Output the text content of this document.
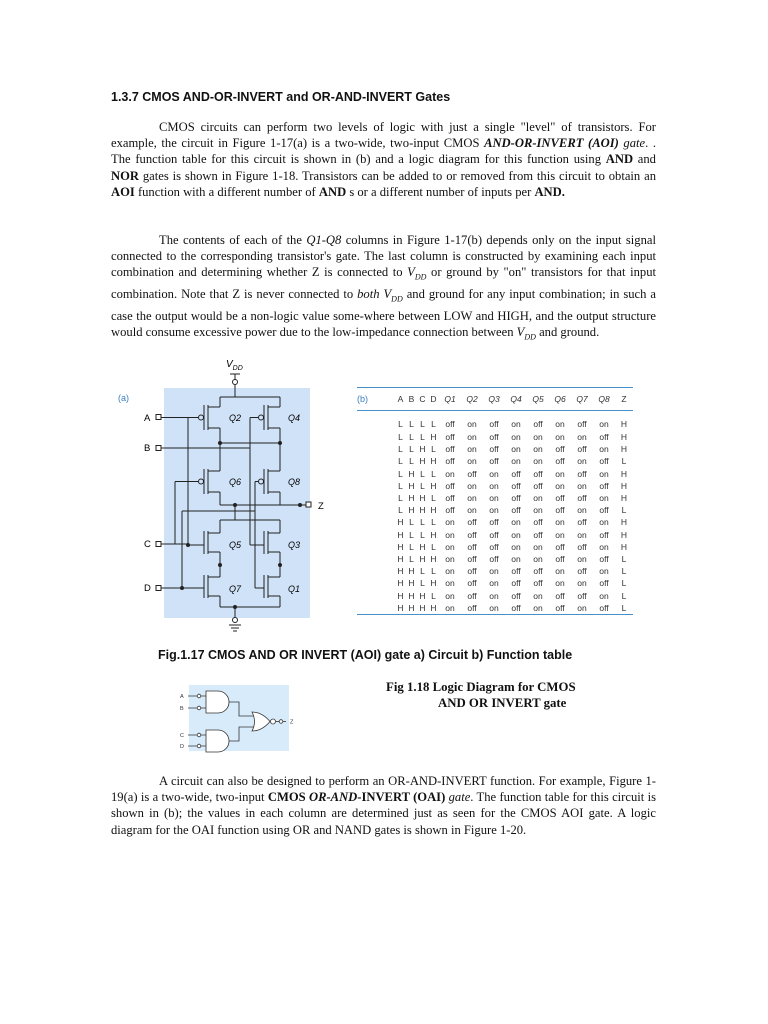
1.3.7 CMOS AND-OR-INVERT and OR-AND-INVERT Gates

CMOS circuits can perform two levels of logic with just a single "level" of transistors. For example, the circuit in Figure 1-17(a) is a two-wide, two-input CMOS AND-OR-INVERT (AOI) gate. . The function table for this circuit is shown in (b) and a logic diagram for this function using AND and NOR gates is shown in Figure 1-18. Transistors can be added to or removed from this circuit to obtain an AOI function with a different number of AND s or a different number of inputs per AND.

The contents of each of the Q1-Q8 columns in Figure 1-17(b) depends only on the input signal connected to the corresponding transistor's gate. The last column is constructed by examining each input combination and determining whether Z is connected to $V_{DD}$ or ground by "on" transistors for that input combination. Note that Z is never connected to both $V_{DD}$ and ground for any input combination; in such a case the output would be a non-logic value some-where between LOW and HIGH, and the output structure would consume excessive power due to the low-impedance connection between $V_{DD}$ and ground.

(a)
$V_{DD}$
A
B
C
D
Z
Q2	Q4
Q6	Q8
Q5	Q3
Q7	Q1
(b)	A	B	C	D	Q1	Q2	Q3	Q4	Q5	Q6	Q7	Q8	Z
	L	L	L	L	off	on	off	on	off	on	off	on	H
	L	L	L	H	off	on	off	on	on	on	on	off	H
	L	L	H	L	off	on	off	on	on	off	off	on	H
	L	L	H	H	off	on	off	on	on	off	on	off	L
	L	H	L	L	on	off	on	off	off	on	off	on	H
	L	H	L	H	off	on	on	off	off	on	on	off	H
	L	H	H	L	off	on	on	off	on	off	off	on	H
	L	H	H	H	off	on	on	off	on	off	on	off	L
	H	L	L	L	on	off	off	on	off	on	off	on	H
	H	L	L	H	on	off	off	on	off	on	on	off	H
	H	L	H	L	on	off	off	on	on	off	off	on	H
	H	L	H	H	on	off	off	on	on	off	on	off	L
	H	H	L	L	on	off	on	off	off	on	off	on	L
	H	H	L	H	on	off	on	off	off	on	on	off	L
	H	H	H	L	on	off	on	off	on	off	off	on	L
	H	H	H	H	on	off	on	off	on	off	on	off	L
Fig.1.17 CMOS AND OR INVERT (AOI) gate a) Circuit b) Function table
A
B
C
D
Z
Fig 1.18 Logic Diagram for CMOS
AND OR INVERT gate

A circuit can also be designed to perform an OR-AND-INVERT function. For example, Figure 1-19(a) is a two-wide, two-input CMOS OR-AND-INVERT (OAI) gate. The function table for this circuit is shown in (b); the values in each column are determined just as seen for the CMOS AOI gate. A logic diagram for the OAI function using OR and NAND gates is shown in Figure 1-20.
